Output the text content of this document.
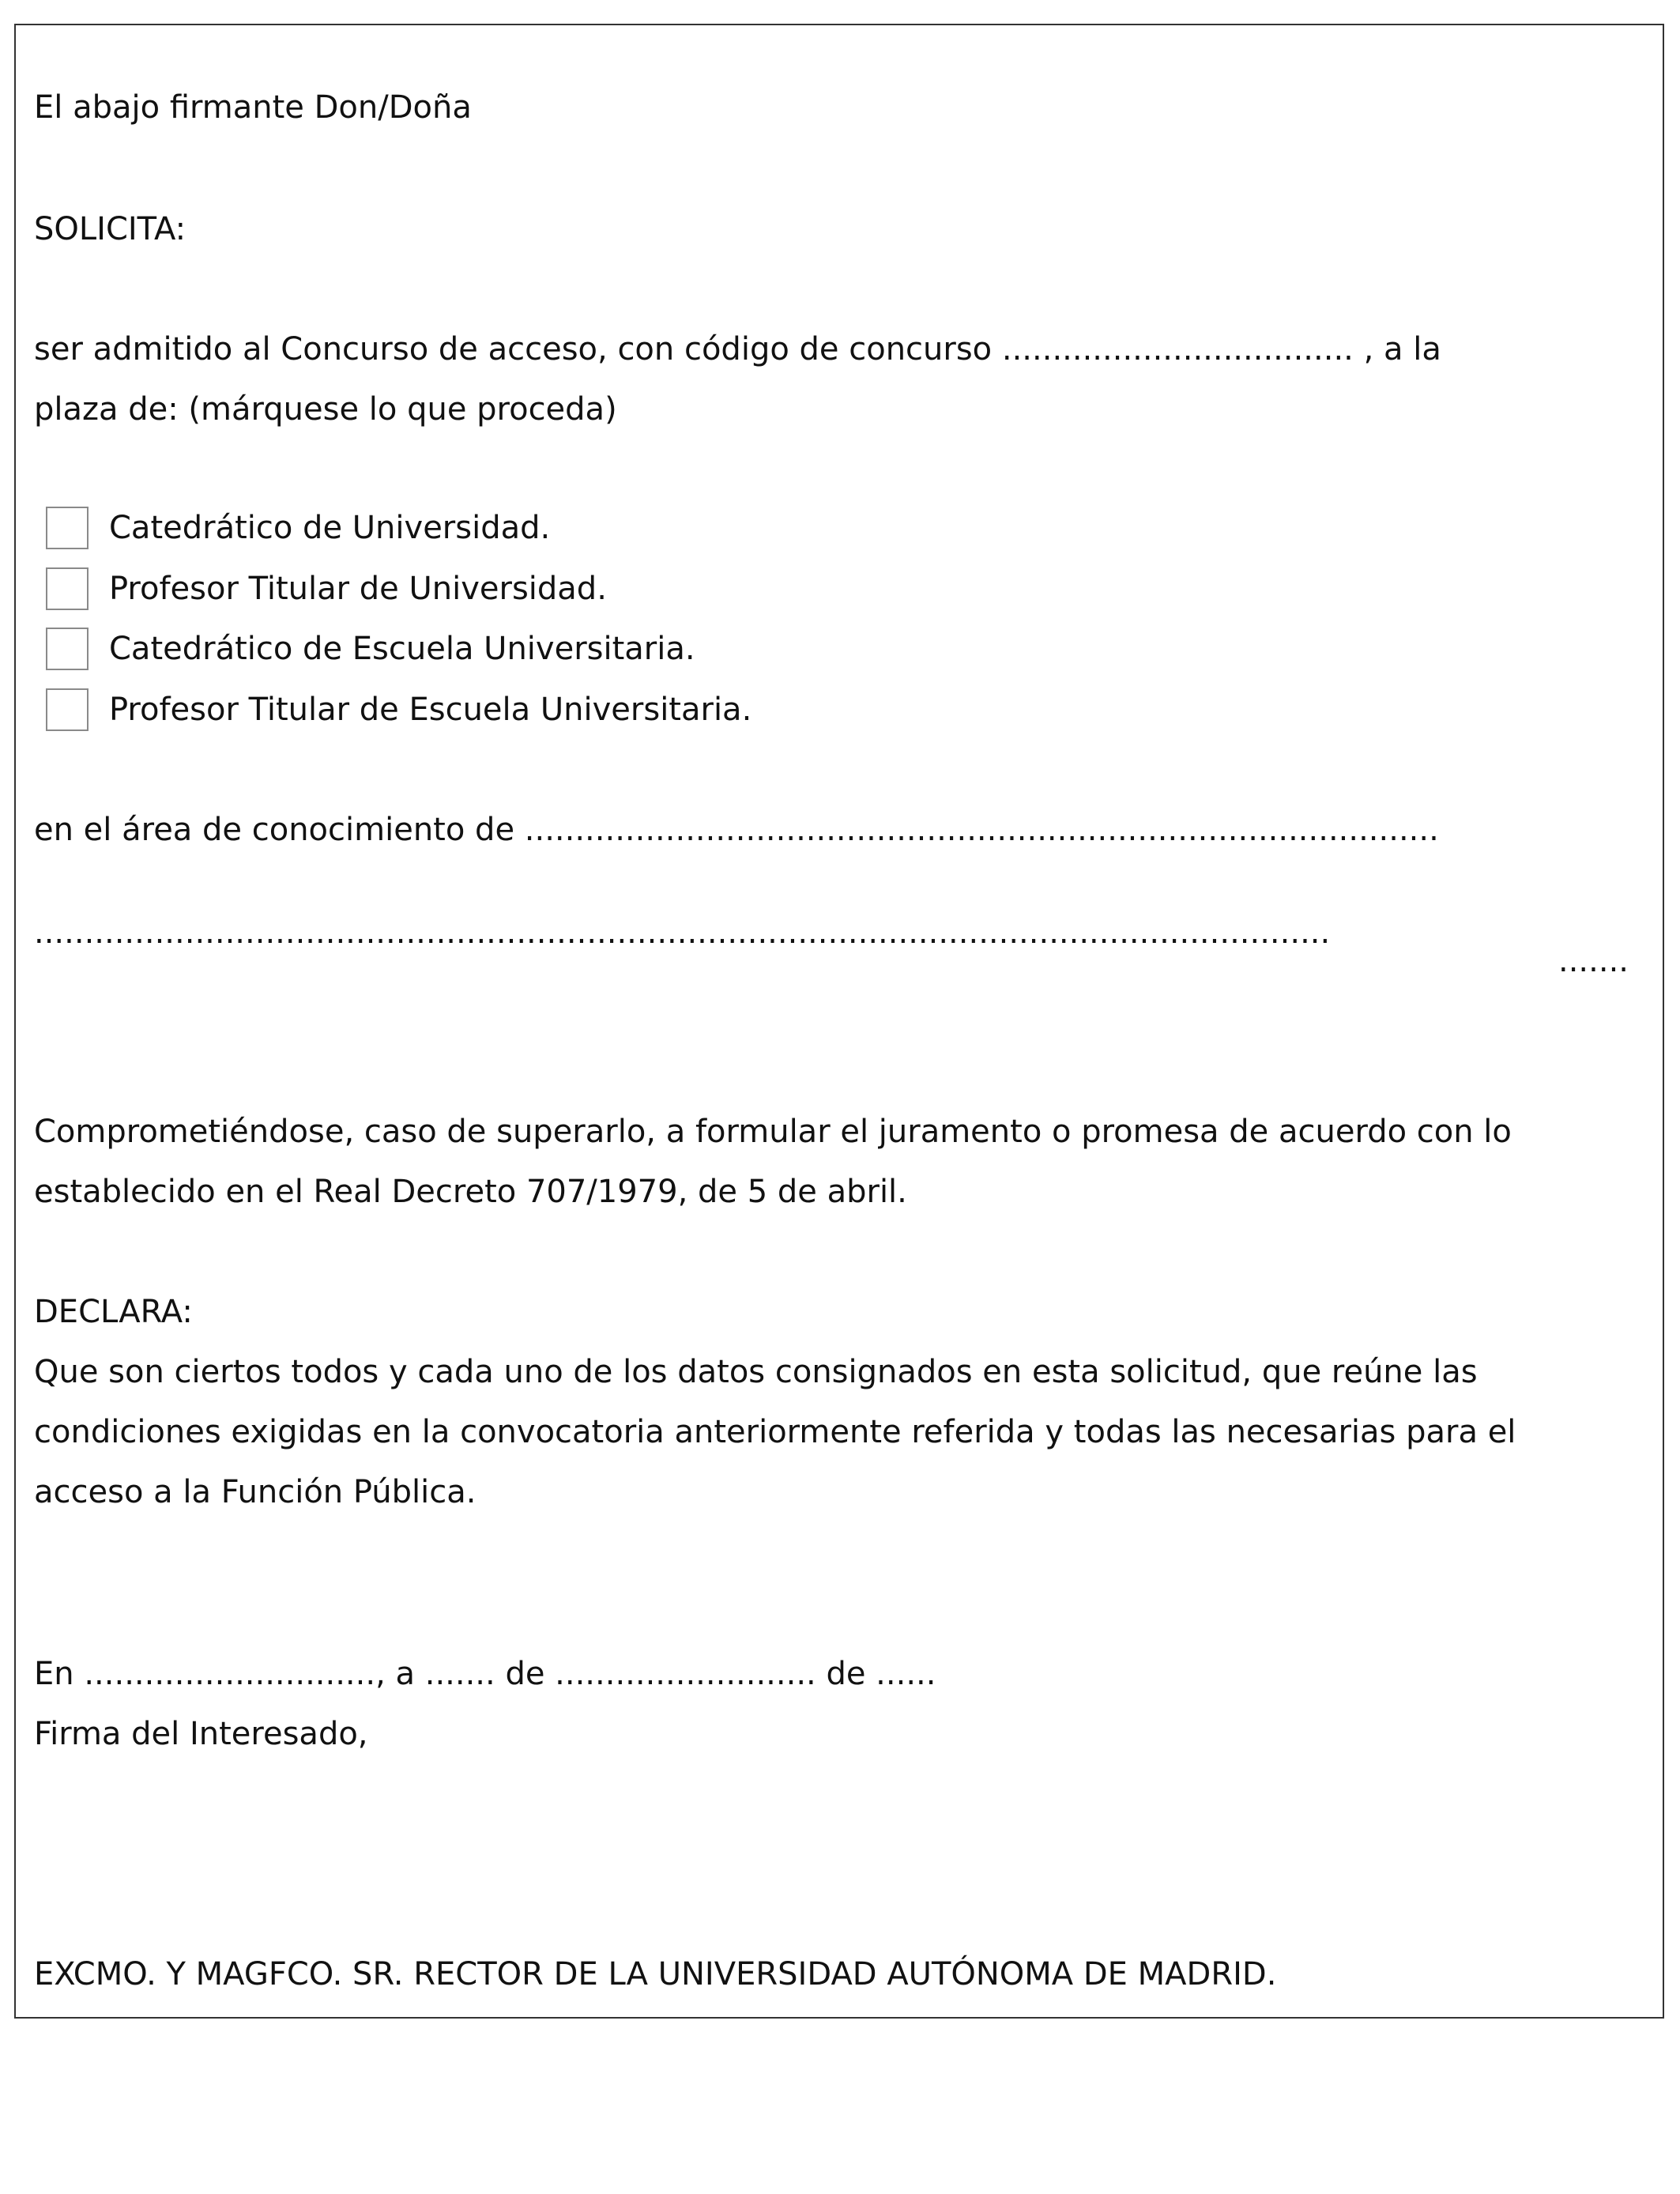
El abajo firmante Don/Doña
SOLICITA:
ser admitido al Concurso de acceso, con código de concurso ................................... , a la
plaza de: (márquese lo que proceda)
Catedrático de Universidad.
Profesor Titular de Universidad.
Catedrático de Escuela Universitaria.
Profesor Titular de Escuela Universitaria.
en el área de conocimiento de ...........................................................................................
.................................................................................................................................
.......
Comprometiéndose, caso de superarlo, a formular el juramento o promesa de acuerdo con lo
establecido en el Real Decreto 707/1979, de 5 de abril.
DECLARA:
Que son ciertos todos y cada uno de los datos consignados en esta solicitud, que reúne las
condiciones exigidas en la convocatoria anteriormente referida y todas las necesarias para el
acceso a la Función Pública.
En ............................., a ....... de .......................... de ......
Firma del Interesado,
EXCMO. Y MAGFCO. SR. RECTOR DE LA UNIVERSIDAD AUTÓNOMA DE MADRID.
